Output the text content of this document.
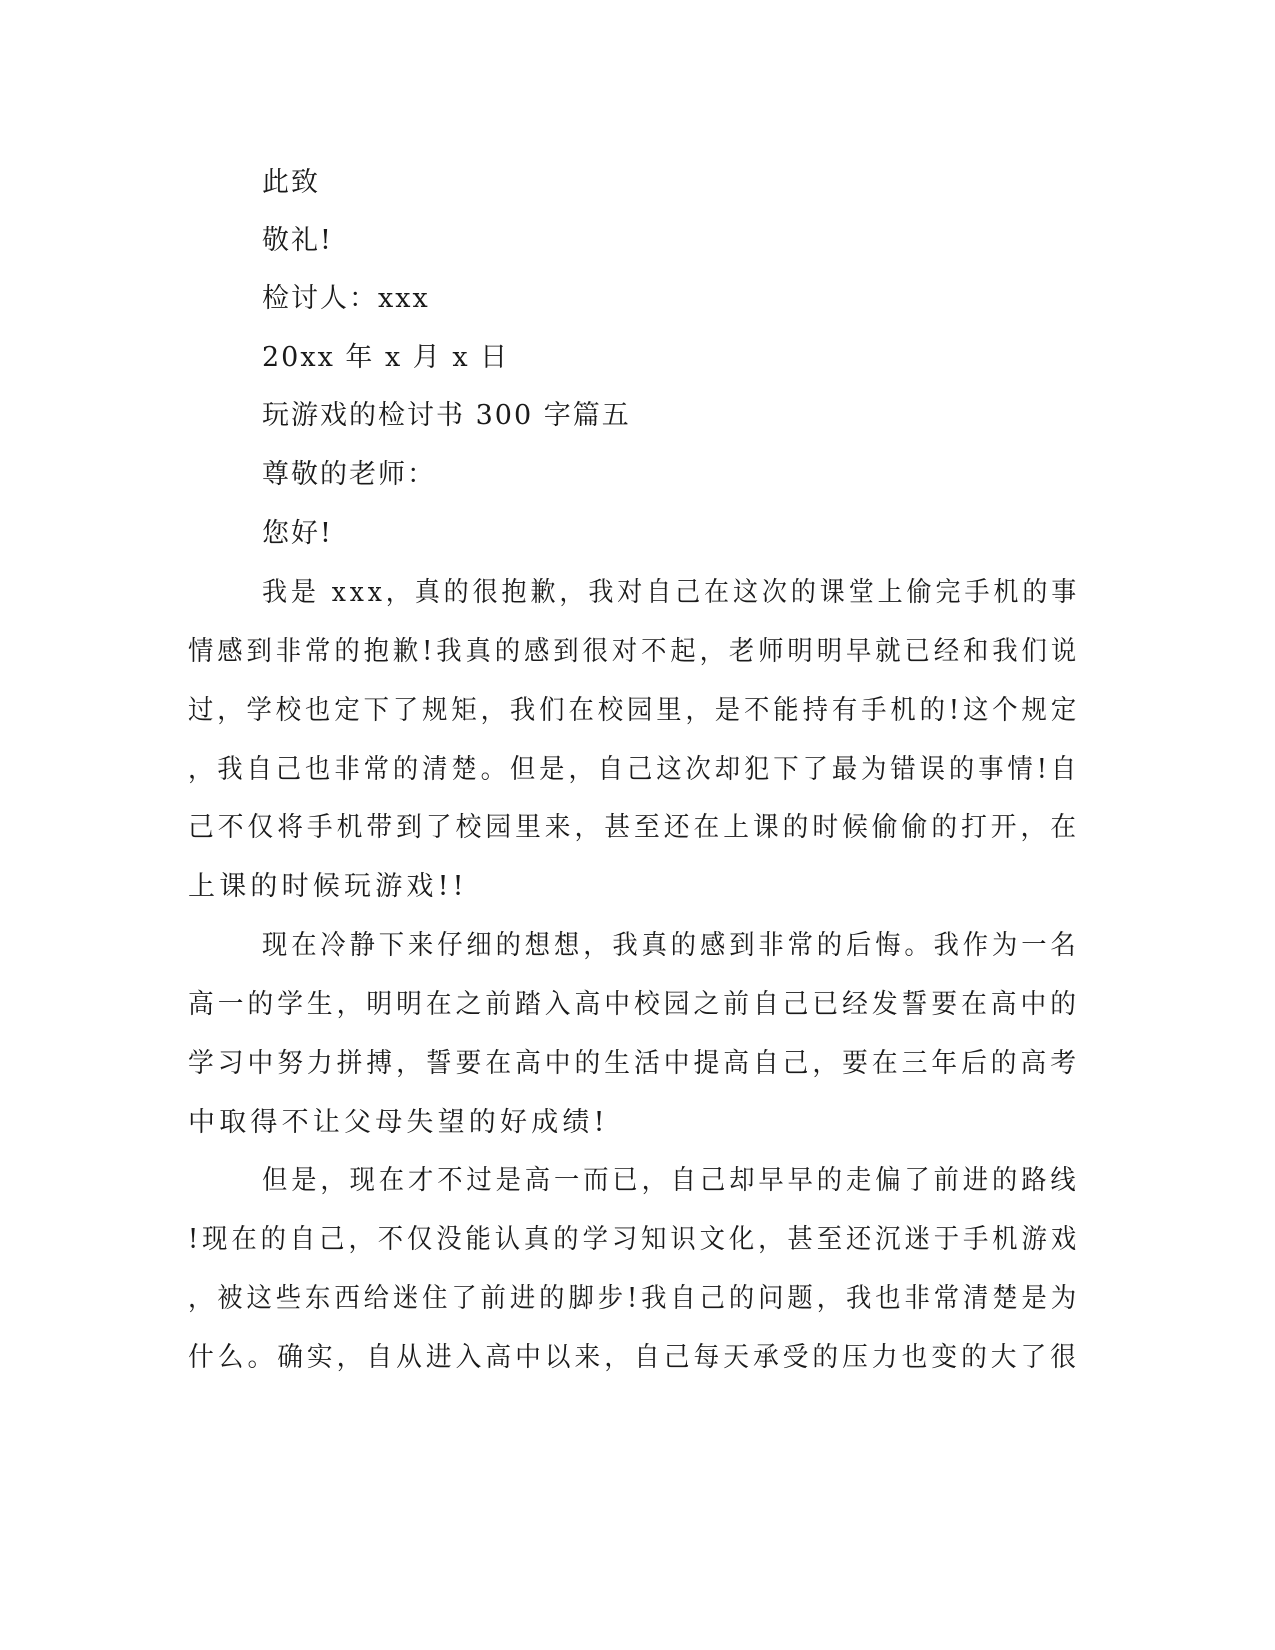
此致
敬礼!
检讨人：xxx
20xx 年 x 月 x 日
玩游戏的检讨书 300 字篇五
尊敬的老师：
您好!
我是 xxx，真的很抱歉，我对自己在这次的课堂上偷完手机的事
情感到非常的抱歉!我真的感到很对不起，老师明明早就已经和我们说
过，学校也定下了规矩，我们在校园里，是不能持有手机的!这个规定
，我自己也非常的清楚。但是，自己这次却犯下了最为错误的事情!自
己不仅将手机带到了校园里来，甚至还在上课的时候偷偷的打开，在
上课的时候玩游戏!!
现在冷静下来仔细的想想，我真的感到非常的后悔。我作为一名
高一的学生，明明在之前踏入高中校园之前自己已经发誓要在高中的
学习中努力拼搏，誓要在高中的生活中提高自己，要在三年后的高考
中取得不让父母失望的好成绩!
但是，现在才不过是高一而已，自己却早早的走偏了前进的路线
!现在的自己，不仅没能认真的学习知识文化，甚至还沉迷于手机游戏
，被这些东西给迷住了前进的脚步!我自己的问题，我也非常清楚是为
什么。确实，自从进入高中以来，自己每天承受的压力也变的大了很
